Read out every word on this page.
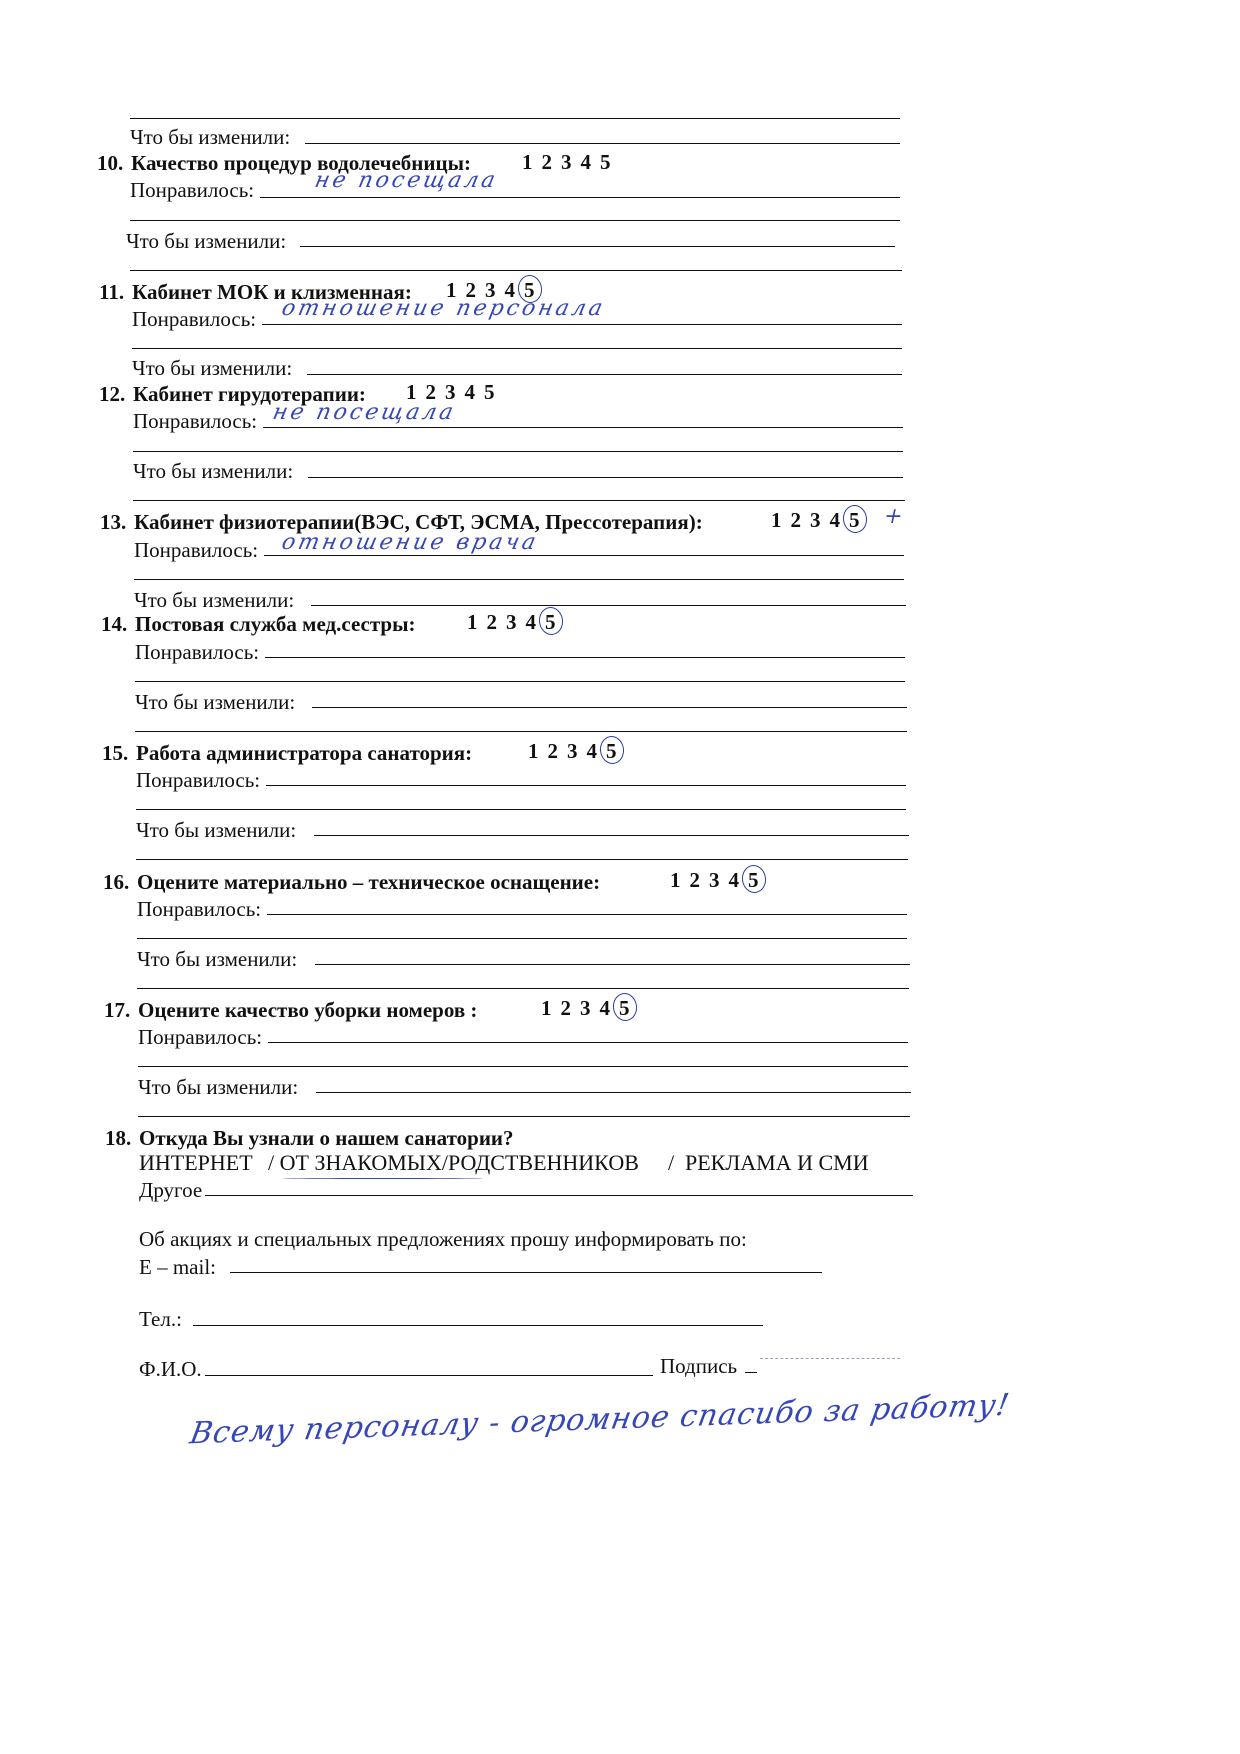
Что бы изменили:
10. Качество процедур водолечебницы: 1 2 3 4 5
Понравилось:	не посещала
Что бы изменили:
11. Кабинет МОК и клизменная: 1 2 3 4 5
Понравилось: отношение персонала
Что бы изменили:
12. Кабинет гирудотерапии: 1 2 3 4 5
Понравилось: не посещала
Что бы изменили:
13. Кабинет физиотерапии(ВЭС, СФТ, ЭСМА, Прессотерапия):	1 2 3 4 5 +
Понравилось: отношение врача
Что бы изменили:
14. Постовая служба мед.сестры: 1 2 3 4 5
Понравилось:
Что бы изменили:
15. Работа администратора санатория:	1 2 3 4 5
Понравилось:
Что бы изменили:
16. Оцените материально – техническое оснащение:	1 2 3 4 5
Понравилось:
Что бы изменили:
17. Оцените качество уборки номеров :	1 2 3 4 5
Понравилось:
Что бы изменили:
18. Откуда Вы узнали о нашем санатории?
ИНТЕРНЕТ / ОТ ЗНАКОМЫХ/РОДСТВЕННИКОВ / РЕКЛАМА И СМИ
Другое
Об акциях и специальных предложениях прошу информировать по:
E – mail:
Тел.:
Ф.И.О.	Подпись
Всему персоналу - огромное спасибо за работу!
